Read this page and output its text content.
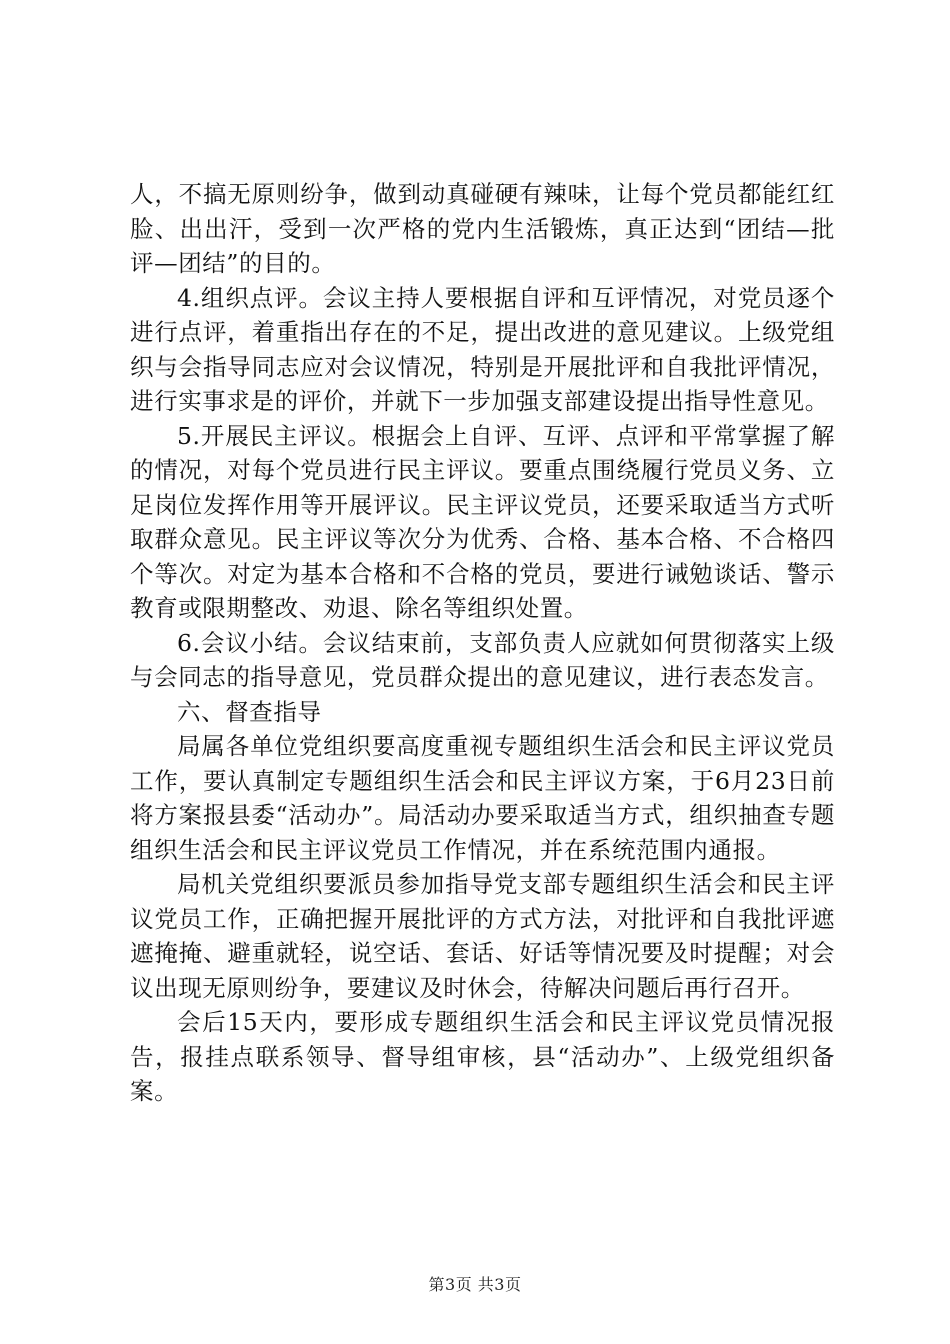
人，不搞无原则纷争，做到动真碰硬有辣味，让每个党员都能红红脸、出出汗，受到一次严格的党内生活锻炼，真正达到“团结—批评—团结”的目的。

4.组织点评。会议主持人要根据自评和互评情况，对党员逐个进行点评，着重指出存在的不足，提出改进的意见建议。上级党组织与会指导同志应对会议情况，特别是开展批评和自我批评情况，进行实事求是的评价，并就下一步加强支部建设提出指导性意见。

5.开展民主评议。根据会上自评、互评、点评和平常掌握了解的情况，对每个党员进行民主评议。要重点围绕履行党员义务、立足岗位发挥作用等开展评议。民主评议党员，还要采取适当方式听取群众意见。民主评议等次分为优秀、合格、基本合格、不合格四个等次。对定为基本合格和不合格的党员，要进行诫勉谈话、警示教育或限期整改、劝退、除名等组织处置。

6.会议小结。会议结束前，支部负责人应就如何贯彻落实上级与会同志的指导意见，党员群众提出的意见建议，进行表态发言。

六、督查指导

局属各单位党组织要高度重视专题组织生活会和民主评议党员工作，要认真制定专题组织生活会和民主评议方案，于6月23日前将方案报县委“活动办”。局活动办要采取适当方式，组织抽查专题组织生活会和民主评议党员工作情况，并在系统范围内通报。

局机关党组织要派员参加指导党支部专题组织生活会和民主评议党员工作，正确把握开展批评的方式方法，对批评和自我批评遮遮掩掩、避重就轻，说空话、套话、好话等情况要及时提醒；对会议出现无原则纷争，要建议及时休会，待解决问题后再行召开。

会后15天内，要形成专题组织生活会和民主评议党员情况报告，报挂点联系领导、督导组审核，县“活动办”、上级党组织备案。

第3页 共3页
